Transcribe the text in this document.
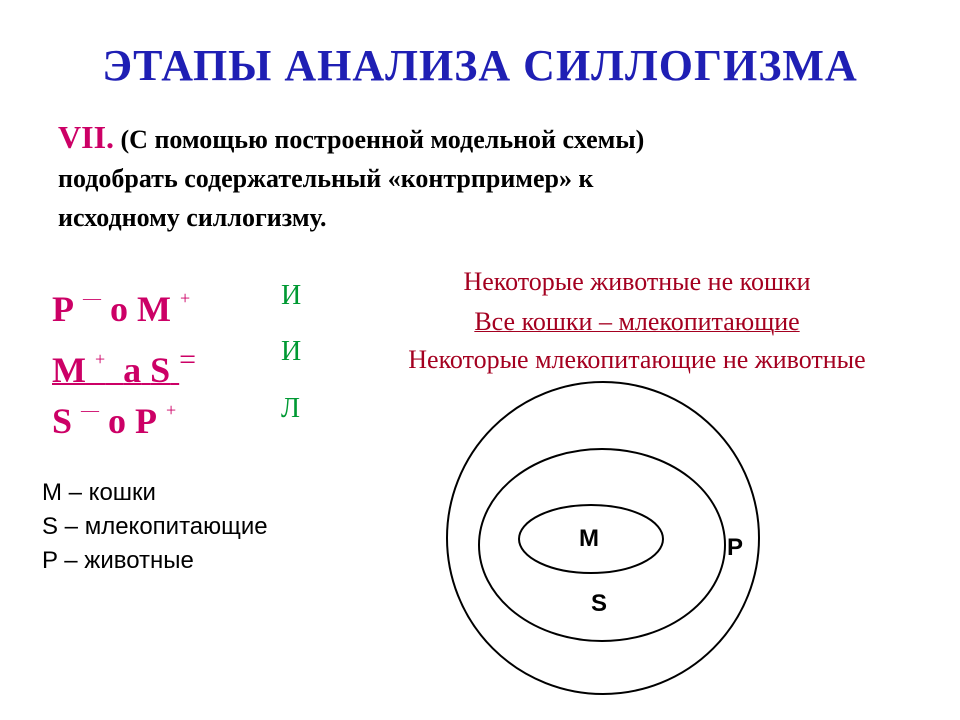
ЭТАПЫ АНАЛИЗА СИЛЛОГИЗМА
VII. (С помощью построенной модельной схемы)
подобрать содержательный «контрпример» к
исходному силлогизму.
P — o M +
M + a S =
S — o P +
И
И
Л
Некоторые животные не кошки
Все кошки – млекопитающие
Некоторые млекопитающие не животные
M – кошки
S – млекопитающие
P – животные
M
S
P
